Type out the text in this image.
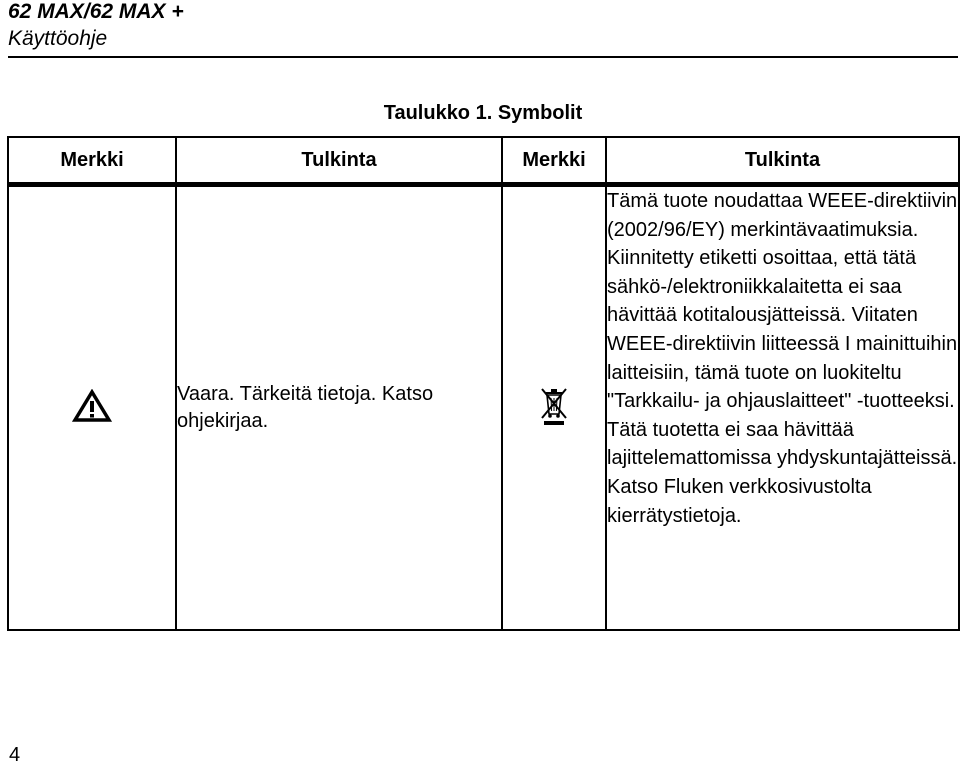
62 MAX/62 MAX +
Käyttöohje
Taulukko 1. Symbolit
Merkki	Tulkinta	Merkki	Tulkinta
	Vaara. Tärkeitä tietoja. Katso ohjekirjaa.		Tämä tuote noudattaa WEEE-direktiivin (2002/96/EY) merkintävaatimuksia. Kiinnitetty etiketti osoittaa, että tätä sähkö-/elektroniikkalaitetta ei saa hävittää kotitalousjätteissä. Viitaten WEEE-direktiivin liitteessä I mainittuihin laitteisiin, tämä tuote on luokiteltu "Tarkkailu- ja ohjauslaitteet" -tuotteeksi. Tätä tuotetta ei saa hävittää lajittelemattomissa yhdyskuntajätteissä. Katso Fluken verkkosivustolta kierrätystietoja.
4
